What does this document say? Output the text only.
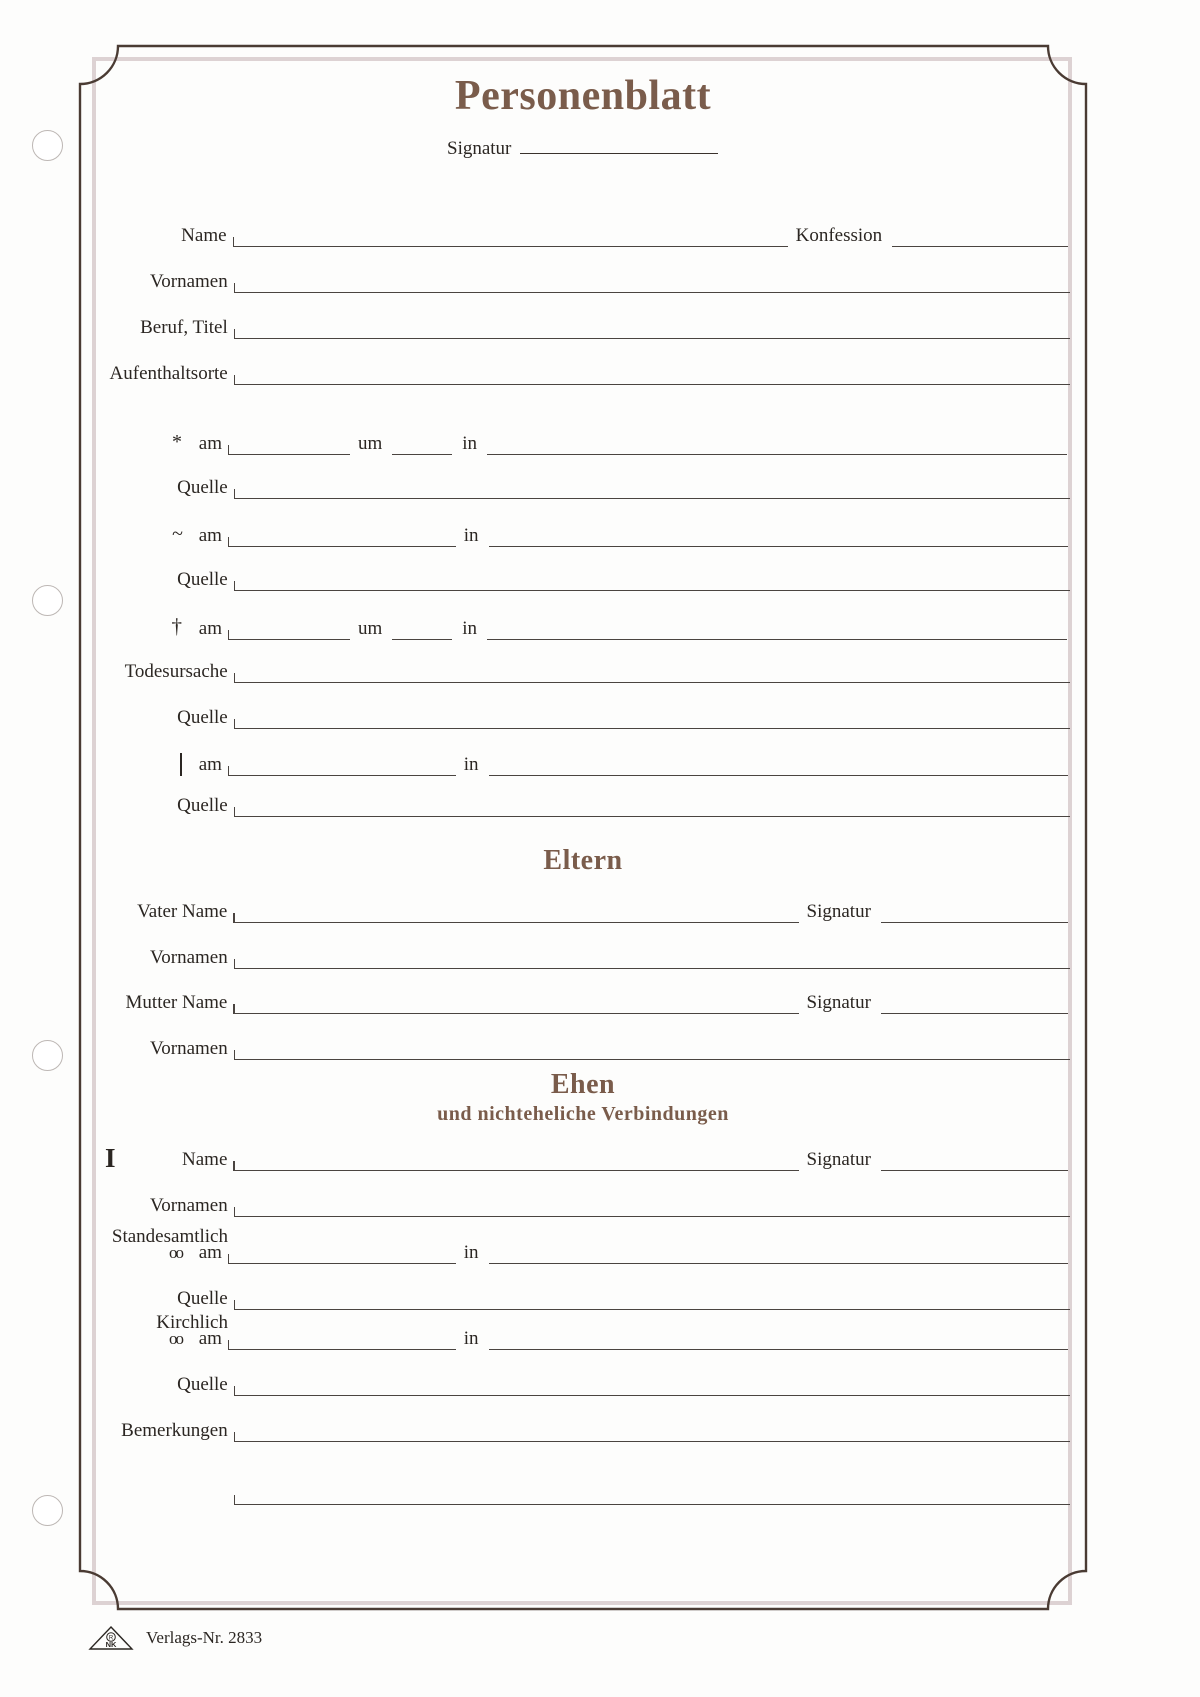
Personenblatt
Signatur
Name	Konfession
Vornamen
Beruf, Titel
Aufenthaltsorte
* am	um	in
Quelle
~ am	in
Quelle
† am	um	in
Todesursache
Quelle
am	in
Quelle
Eltern
Vater Name	Signatur
Vornamen
Mutter Name	Signatur
Vornamen
Ehen
und nichteheliche Verbindungen
I	Name	Signatur
Vornamen
Standesamtlich
oo am	in
Quelle
Kirchlich
oo am	in
Quelle
Bemerkungen
R
NK Verlags-Nr. 2833
